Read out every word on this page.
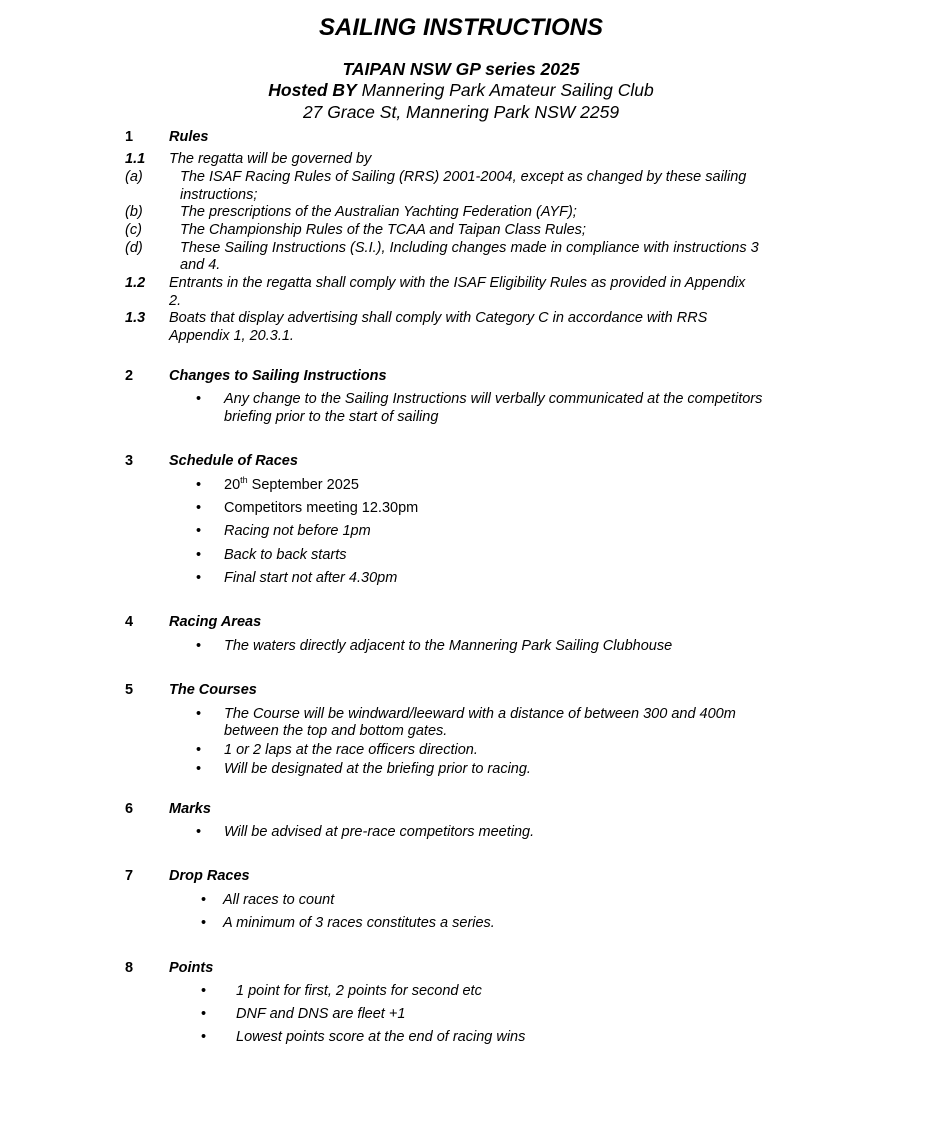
SAILING INSTRUCTIONS
TAIPAN NSW GP series 2025
Hosted BY Mannering Park Amateur Sailing Club
27 Grace St, Mannering Park NSW 2259
1 Rules
1.1 The regatta will be governed by
(a)	The ISAF Racing Rules of Sailing (RRS) 2001-2004, except as changed by these sailing
instructions;
(b)	The prescriptions of the Australian Yachting Federation (AYF);
(c)	The Championship Rules of the TCAA and Taipan Class Rules;
(d)	These Sailing Instructions (S.I.), Including changes made in compliance with instructions 3
and 4.
1.2 Entrants in the regatta shall comply with the ISAF Eligibility Rules as provided in Appendix
2.
1.3 Boats that display advertising shall comply with Category C in accordance with RRS
Appendix 1, 20.3.1.
2 Changes to Sailing Instructions
• Any change to the Sailing Instructions will verbally communicated at the competitors
briefing prior to the start of sailing
3 Schedule of Races
• 20th September 2025
• Competitors meeting 12.30pm
• Racing not before 1pm
• Back to back starts
• Final start not after 4.30pm
4 Racing Areas
• The waters directly adjacent to the Mannering Park Sailing Clubhouse
5 The Courses
• The Course will be windward/leeward with a distance of between 300 and 400m
between the top and bottom gates.
• 1 or 2 laps at the race officers direction.
• Will be designated at the briefing prior to racing.
6 Marks
• Will be advised at pre-race competitors meeting.
7 Drop Races
• All races to count
• A minimum of 3 races constitutes a series.
8 Points
• 1 point for first, 2 points for second etc
• DNF and DNS are fleet +1
• Lowest points score at the end of racing wins
